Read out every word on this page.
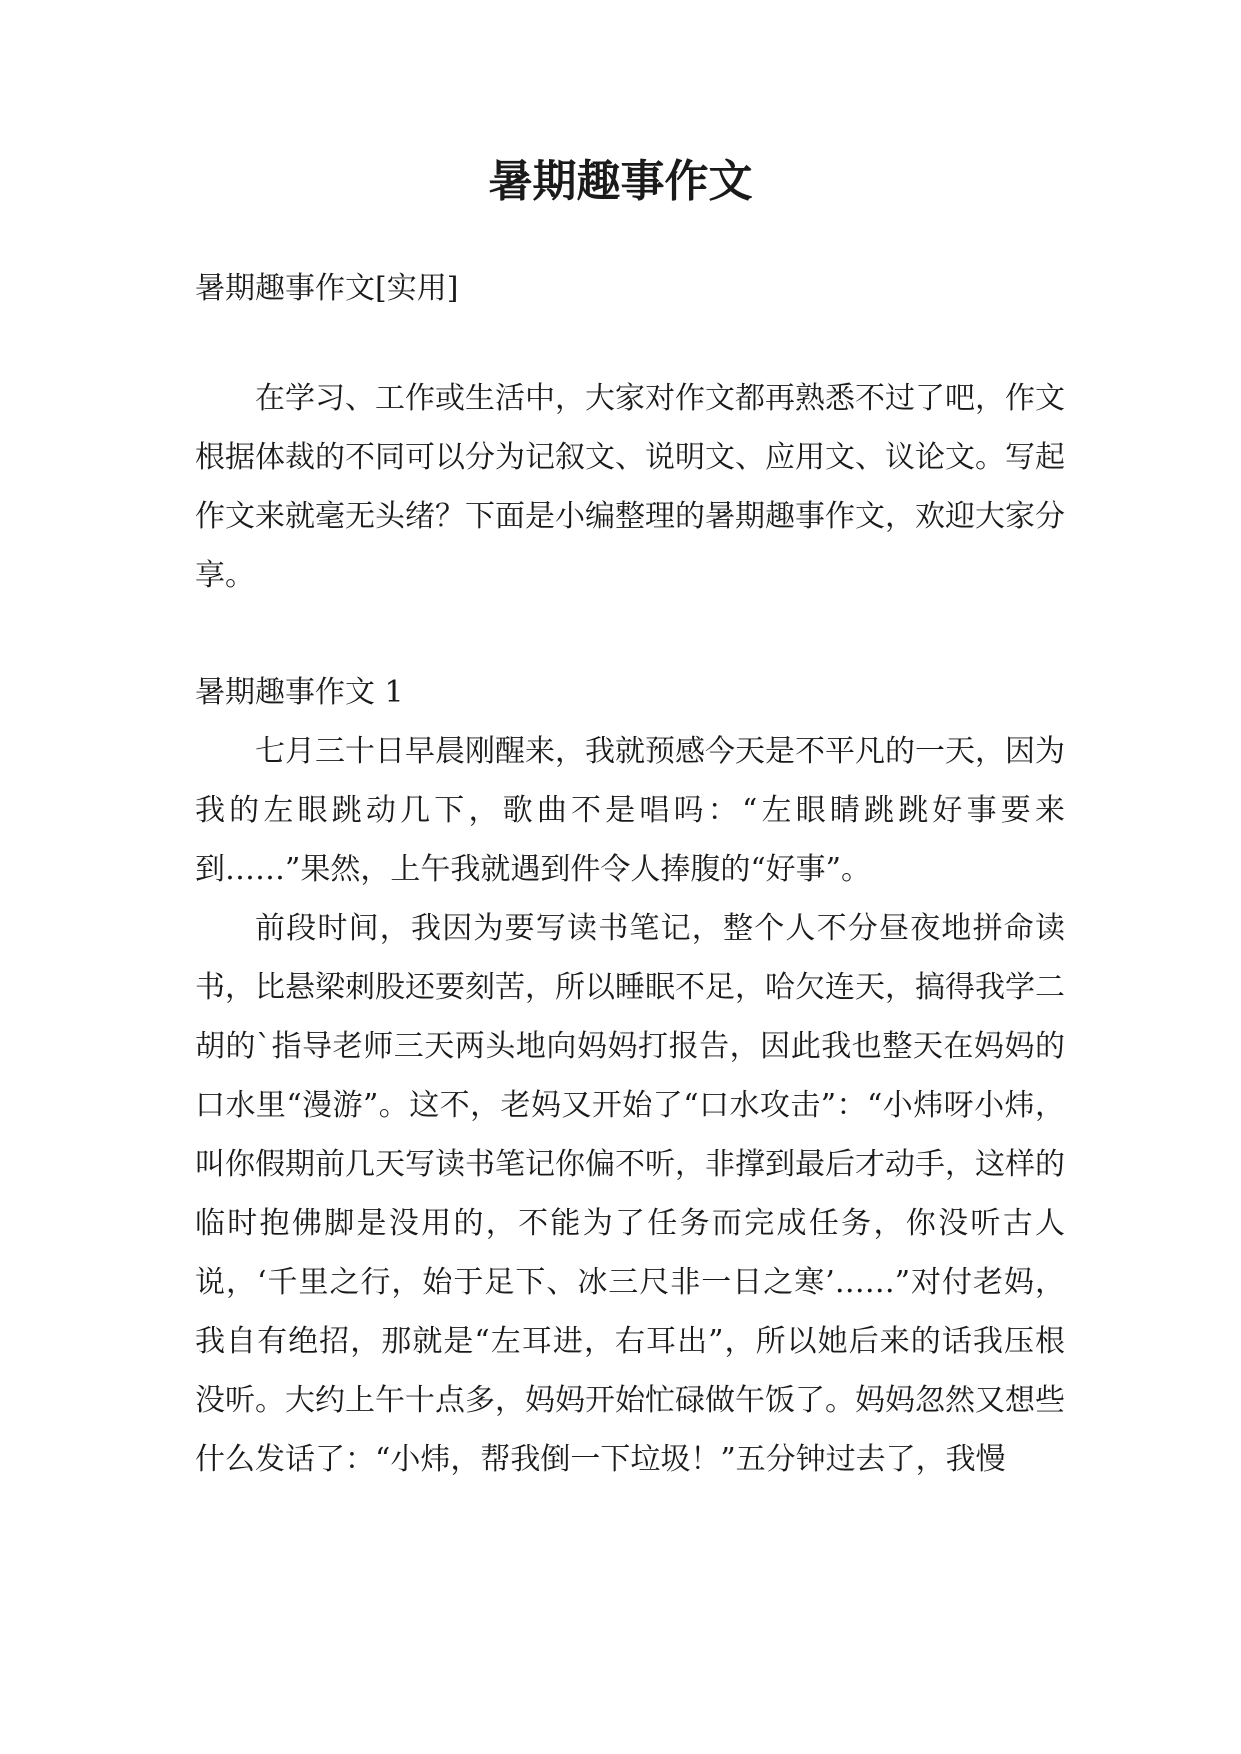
暑期趣事作文

暑期趣事作文[实用]

在学习、工作或生活中，大家对作文都再熟悉不过了吧，作文根据体裁的不同可以分为记叙文、说明文、应用文、议论文。写起作文来就毫无头绪？下面是小编整理的暑期趣事作文，欢迎大家分享。

暑期趣事作文 1

七月三十日早晨刚醒来，我就预感今天是不平凡的一天，因为我的左眼跳动几下，歌曲不是唱吗：“左眼睛跳跳好事要来到……”果然，上午我就遇到件令人捧腹的“好事”。

前段时间，我因为要写读书笔记，整个人不分昼夜地拼命读书，比悬梁刺股还要刻苦，所以睡眠不足，哈欠连天，搞得我学二胡的`指导老师三天两头地向妈妈打报告，因此我也整天在妈妈的口水里“漫游”。这不，老妈又开始了“口水攻击”：“小炜呀小炜，叫你假期前几天写读书笔记你偏不听，非撑到最后才动手，这样的临时抱佛脚是没用的，不能为了任务而完成任务，你没听古人说，‘千里之行，始于足下、冰三尺非一日之寒’……”对付老妈，我自有绝招，那就是“左耳进，右耳出”，所以她后来的话我压根没听。大约上午十点多，妈妈开始忙碌做午饭了。妈妈忽然又想些什么发话了：“小炜，帮我倒一下垃圾！”五分钟过去了，我慢
